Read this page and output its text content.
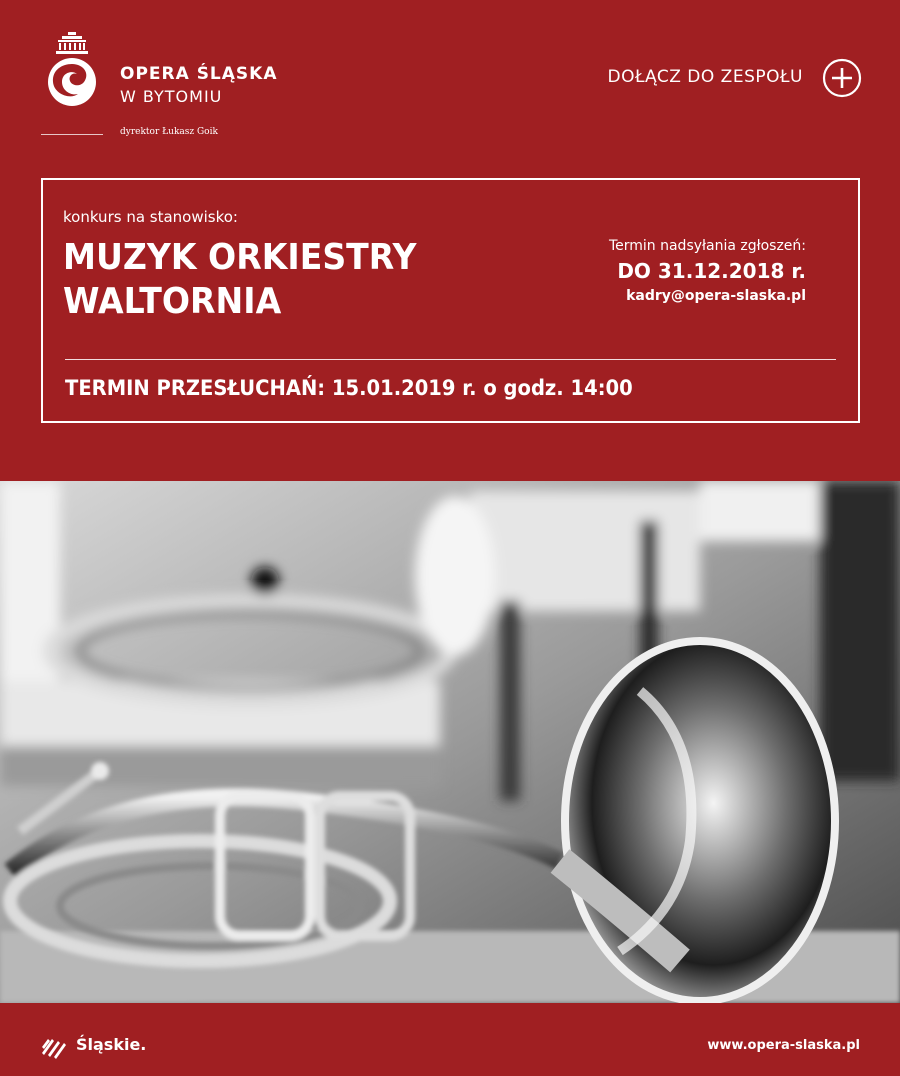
OPERA ŚLĄSKA
W BYTOMIU
dyrektor Łukasz Goik
DOŁĄCZ DO ZESPOŁU
konkurs na stanowisko:
MUZYK ORKIESTRY
WALTORNIA
Termin nadsyłania zgłoszeń:
DO 31.12.2018 r.
kadry@opera-slaska.pl
TERMIN PRZESŁUCHAŃ: 15.01.2019 r. o godz. 14:00
Śląskie.	www.opera-slaska.pl
